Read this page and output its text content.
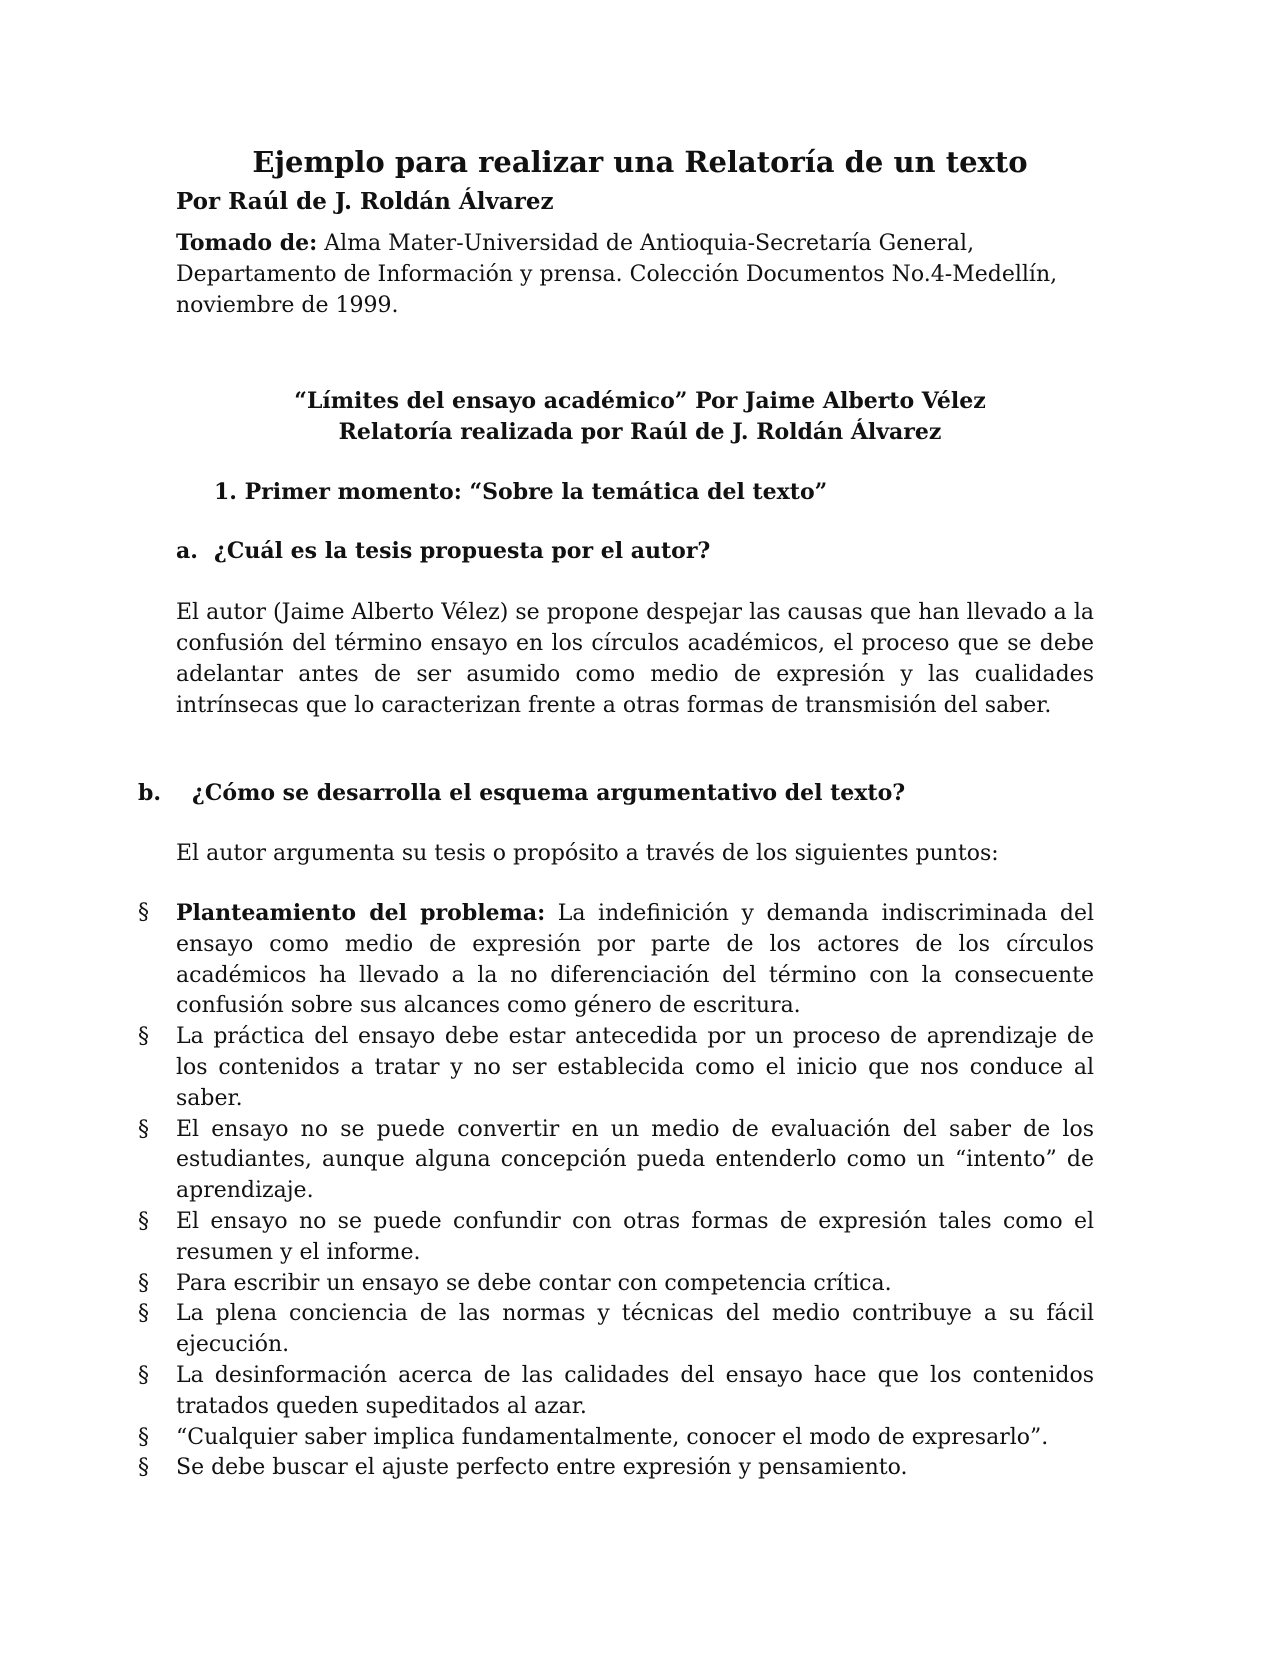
Ejemplo para realizar una Relatoría de un texto
Por Raúl de J. Roldán Álvarez

Tomado de: Alma Mater-Universidad de Antioquia-Secretaría General, Departamento de Información y prensa. Colección Documentos No.4-Medellín, noviembre de 1999.

“Límites del ensayo académico” Por Jaime Alberto Vélez
Relatoría realizada por Raúl de J. Roldán Álvarez
1. Primer momento: “Sobre la temática del texto”
a. ¿Cuál es la tesis propuesta por el autor?

El autor (Jaime Alberto Vélez) se propone despejar las causas que han llevado a la confusión del término ensayo en los círculos académicos, el proceso que se debe adelantar antes de ser asumido como medio de expresión y las cualidades intrínsecas que lo caracterizan frente a otras formas de transmisión del saber.

b. ¿Cómo se desarrolla el esquema argumentativo del texto?

El autor argumenta su tesis o propósito a través de los siguientes puntos:

§ Planteamiento del problema: La indefinición y demanda indiscriminada del ensayo como medio de expresión por parte de los actores de los círculos académicos ha llevado a la no diferenciación del término con la consecuente confusión sobre sus alcances como género de escritura.
§ La práctica del ensayo debe estar antecedida por un proceso de aprendizaje de los contenidos a tratar y no ser establecida como el inicio que nos conduce al saber.
§ El ensayo no se puede convertir en un medio de evaluación del saber de los estudiantes, aunque alguna concepción pueda entenderlo como un “intento” de aprendizaje.
§ El ensayo no se puede confundir con otras formas de expresión tales como el resumen y el informe.
§ Para escribir un ensayo se debe contar con competencia crítica.
§ La plena conciencia de las normas y técnicas del medio contribuye a su fácil ejecución.
§ La desinformación acerca de las calidades del ensayo hace que los contenidos tratados queden supeditados al azar.
§ “Cualquier saber implica fundamentalmente, conocer el modo de expresarlo”.
§ Se debe buscar el ajuste perfecto entre expresión y pensamiento.
